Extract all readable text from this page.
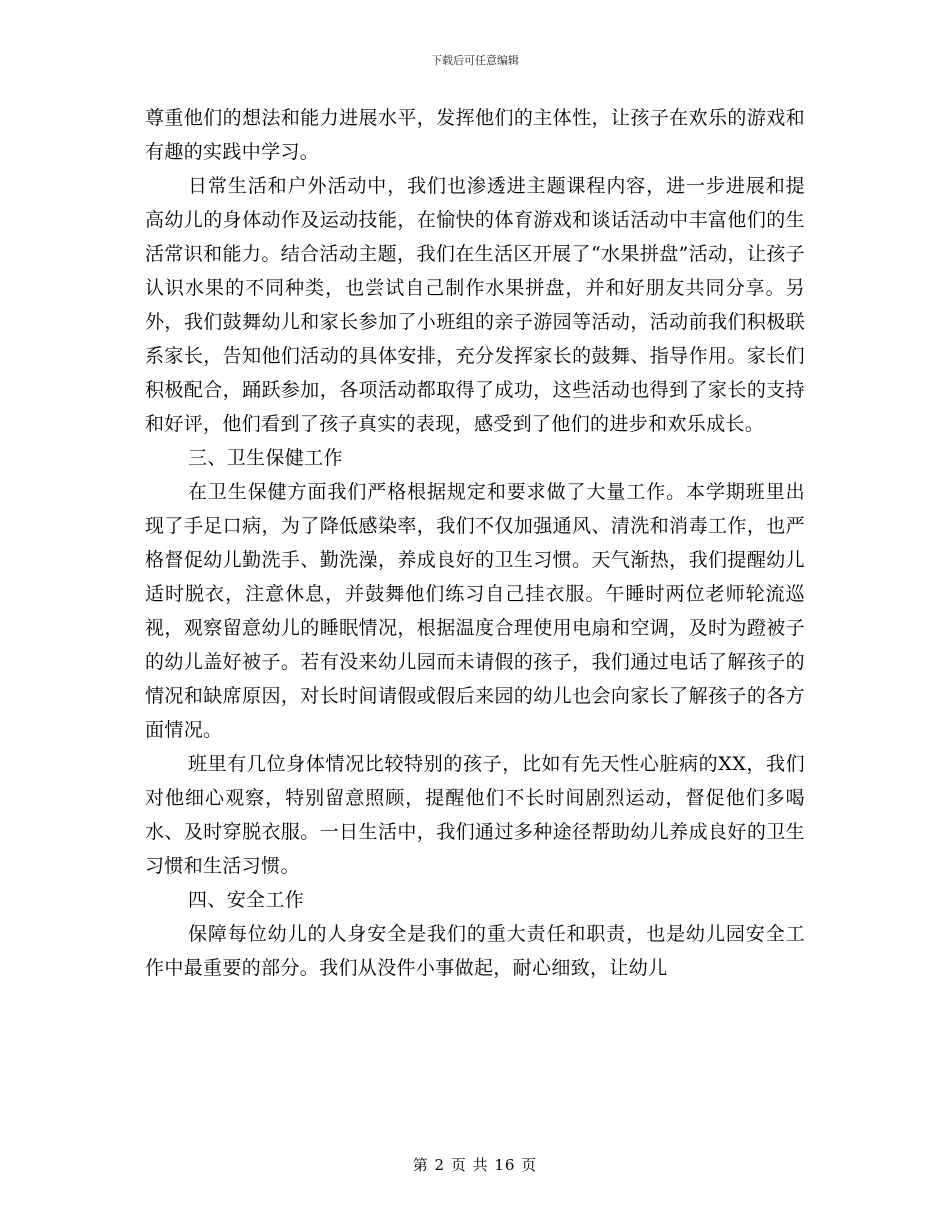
下载后可任意编辑

尊重他们的想法和能力进展水平，发挥他们的主体性，让孩子在欢乐的游戏和有趣的实践中学习。

日常生活和户外活动中，我们也渗透进主题课程内容，进一步进展和提高幼儿的身体动作及运动技能，在愉快的体育游戏和谈话活动中丰富他们的生活常识和能力。结合活动主题，我们在生活区开展了“水果拼盘”活动，让孩子认识水果的不同种类，也尝试自己制作水果拼盘，并和好朋友共同分享。另外，我们鼓舞幼儿和家长参加了小班组的亲子游园等活动，活动前我们积极联系家长，告知他们活动的具体安排，充分发挥家长的鼓舞、指导作用。家长们积极配合，踊跃参加，各项活动都取得了成功，这些活动也得到了家长的支持和好评，他们看到了孩子真实的表现，感受到了他们的进步和欢乐成长。

三、卫生保健工作

在卫生保健方面我们严格根据规定和要求做了大量工作。本学期班里出现了手足口病，为了降低感染率，我们不仅加强通风、清洗和消毒工作，也严格督促幼儿勤洗手、勤洗澡，养成良好的卫生习惯。天气渐热，我们提醒幼儿适时脱衣，注意休息，并鼓舞他们练习自己挂衣服。午睡时两位老师轮流巡视，观察留意幼儿的睡眠情况，根据温度合理使用电扇和空调，及时为蹬被子的幼儿盖好被子。若有没来幼儿园而未请假的孩子，我们通过电话了解孩子的情况和缺席原因，对长时间请假或假后来园的幼儿也会向家长了解孩子的各方面情况。

班里有几位身体情况比较特别的孩子，比如有先天性心脏病的XX，我们对他细心观察，特别留意照顾，提醒他们不长时间剧烈运动，督促他们多喝水、及时穿脱衣服。一日生活中，我们通过多种途径帮助幼儿养成良好的卫生习惯和生活习惯。

四、安全工作

保障每位幼儿的人身安全是我们的重大责任和职责，也是幼儿园安全工作中最重要的部分。我们从没件小事做起，耐心细致，让幼儿

第 2 页 共 16 页
